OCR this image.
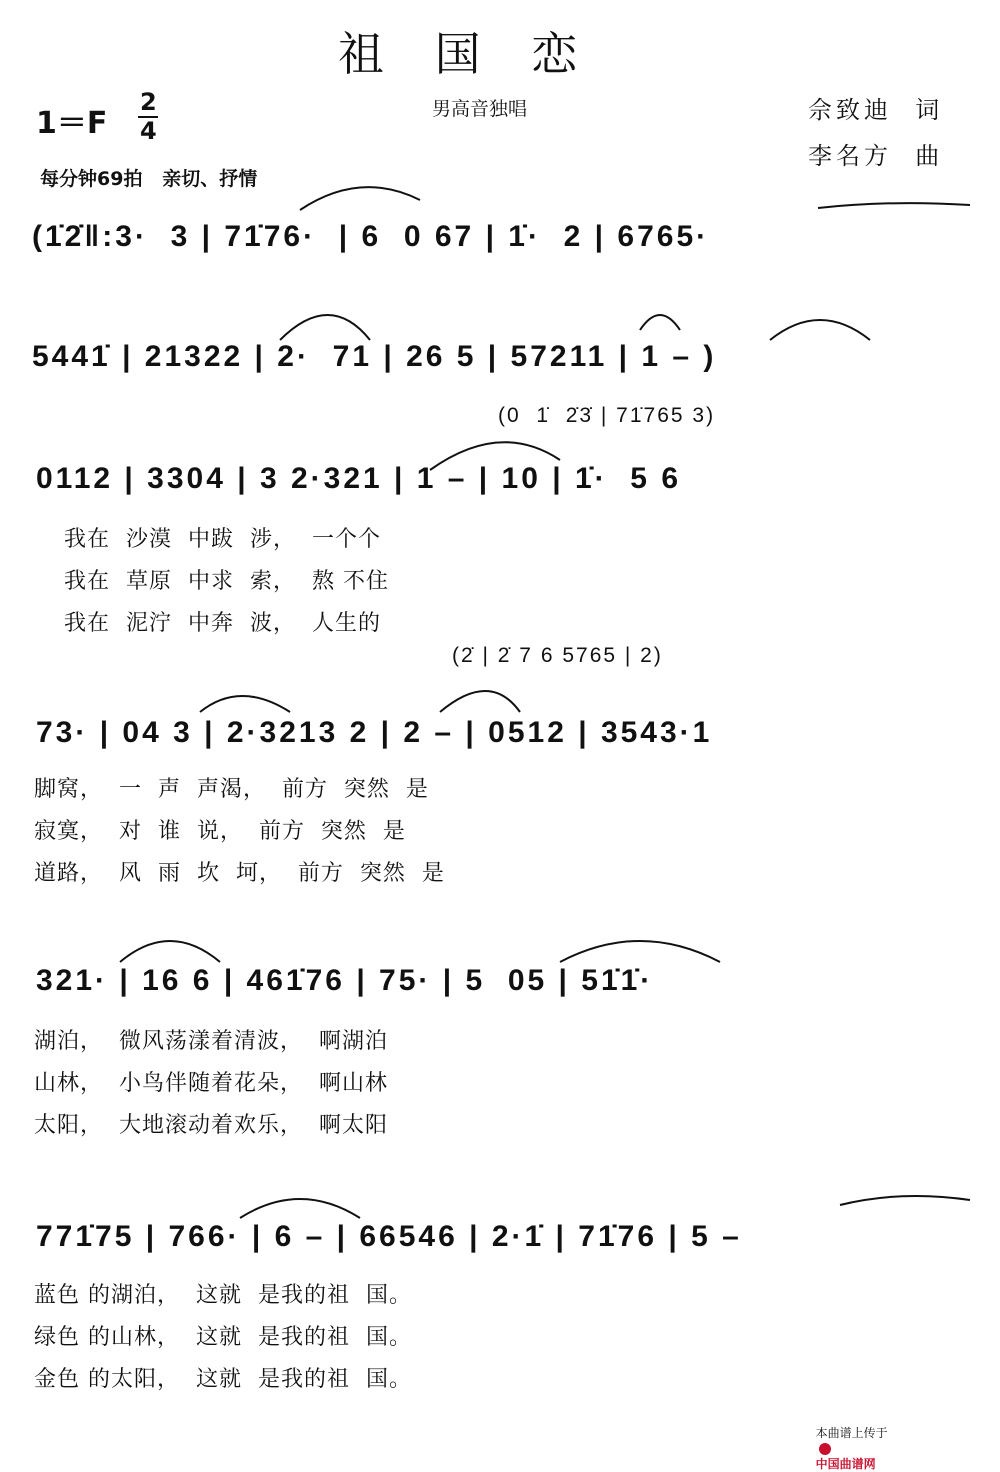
祖 国 恋
1＝F
2
4
男高音独唱	佘致迪  词
李名方  曲
每分钟69拍   亲切、抒情
(1̇2̇‖:3·  3 | 71̇76·  | 6  0 67 | 1̇·  2 | 6765·
5441̇ | 21322 | 2·  71 | 26 5 | 57211 | 1 – )
(0  1̇  2̇3̇ | 71̇765 3)
0112 | 3304 | 3 2·321 | 1 – | 10 | 1̇·  5 6
我在  沙漠  中跋  涉，  一个个
我在  草原  中求  索，  熬 不住
我在  泥泞  中奔  波，  人生的
(2̇ | 2̇ 7 6 5765 | 2)
73· | 04 3 | 2·3213 2 | 2 – | 0512 | 3543·1
脚窝，  一  声  声渴，  前方  突然  是
寂寞，  对  谁  说，  前方  突然  是
道路，  风  雨  坎  坷，  前方  突然  是
321· | 16 6 | 461̇76 | 75· | 5  05 | 51̇1̇·
湖泊，  微风荡漾着清波，  啊湖泊
山林，  小鸟伴随着花朵，  啊山林
太阳，  大地滚动着欢乐，  啊太阳
771̇75 | 766· | 6 – | 66546 | 2·1̇ | 71̇76 | 5 –
蓝色 的湖泊，  这就  是我的祖  国。
绿色 的山林，  这就  是我的祖  国。
金色 的太阳，  这就  是我的祖  国。

本曲谱上传于

中国曲谱网
